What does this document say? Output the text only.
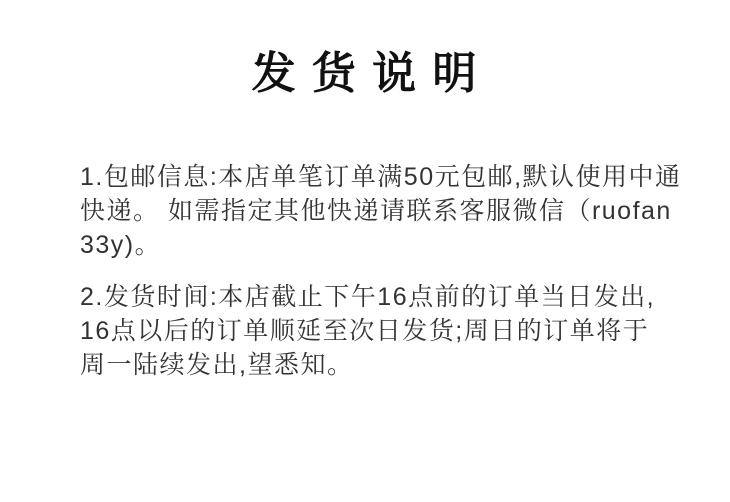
发 货 说 明

1.包邮信息:本店单笔订单满50元包邮,默认使用中通
快递。 如需指定其他快递请联系客服微信（ruofan
33y)。

2.发货时间:本店截止下午16点前的订单当日发出,
16点以后的订单顺延至次日发货;周日的订单将于
周一陆续发出,望悉知。
